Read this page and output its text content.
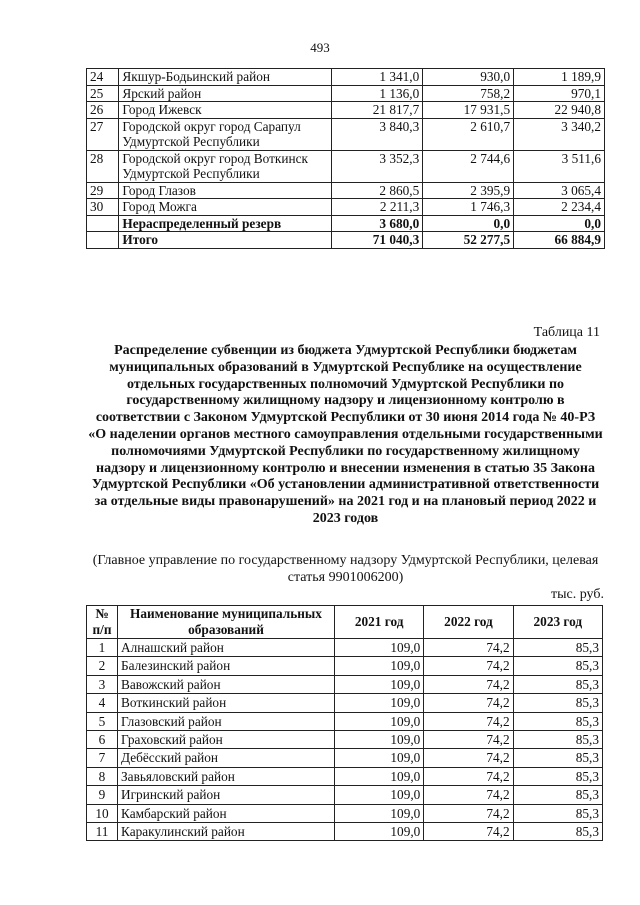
493
24	Якшур-Бодьинский район	1 341,0	930,0	1 189,9
25	Ярский район	1 136,0	758,2	970,1
26	Город Ижевск	21 817,7	17 931,5	22 940,8
27	Городской округ город Сарапул Удмуртской Республики	3 840,3	2 610,7	3 340,2
28	Городской округ город Воткинск Удмуртской Республики	3 352,3	2 744,6	3 511,6
29	Город Глазов	2 860,5	2 395,9	3 065,4
30	Город Можга	2 211,3	1 746,3	2 234,4
	Нераспределенный резерв	3 680,0	0,0	0,0
	Итого	71 040,3	52 277,5	66 884,9
Таблица 11
Распределение субвенции из бюджета Удмуртской Республики бюджетам муниципальных образований в Удмуртской Республике на осуществление отдельных государственных полномочий Удмуртской Республики по государственному жилищному надзору и лицензионному контролю в соответствии с Законом Удмуртской Республики от 30 июня 2014 года № 40-РЗ «О наделении органов местного самоуправления отдельными государственными полномочиями Удмуртской Республики по государственному жилищному надзору и лицензионному контролю и внесении изменения в статью 35 Закона Удмуртской Республики «Об установлении административной ответственности за отдельные виды правонарушений» на 2021 год и на плановый период 2022 и 2023 годов
(Главное управление по государственному надзору Удмуртской Республики, целевая статья 9901006200)
тыс. руб.
№ п/п	Наименование муниципальных образований	2021 год	2022 год	2023 год
1	Алнашский район	109,0	74,2	85,3
2	Балезинский район	109,0	74,2	85,3
3	Вавожский район	109,0	74,2	85,3
4	Воткинский район	109,0	74,2	85,3
5	Глазовский район	109,0	74,2	85,3
6	Граховский район	109,0	74,2	85,3
7	Дебёсский район	109,0	74,2	85,3
8	Завьяловский район	109,0	74,2	85,3
9	Игринский район	109,0	74,2	85,3
10	Камбарский район	109,0	74,2	85,3
11	Каракулинский район	109,0	74,2	85,3
